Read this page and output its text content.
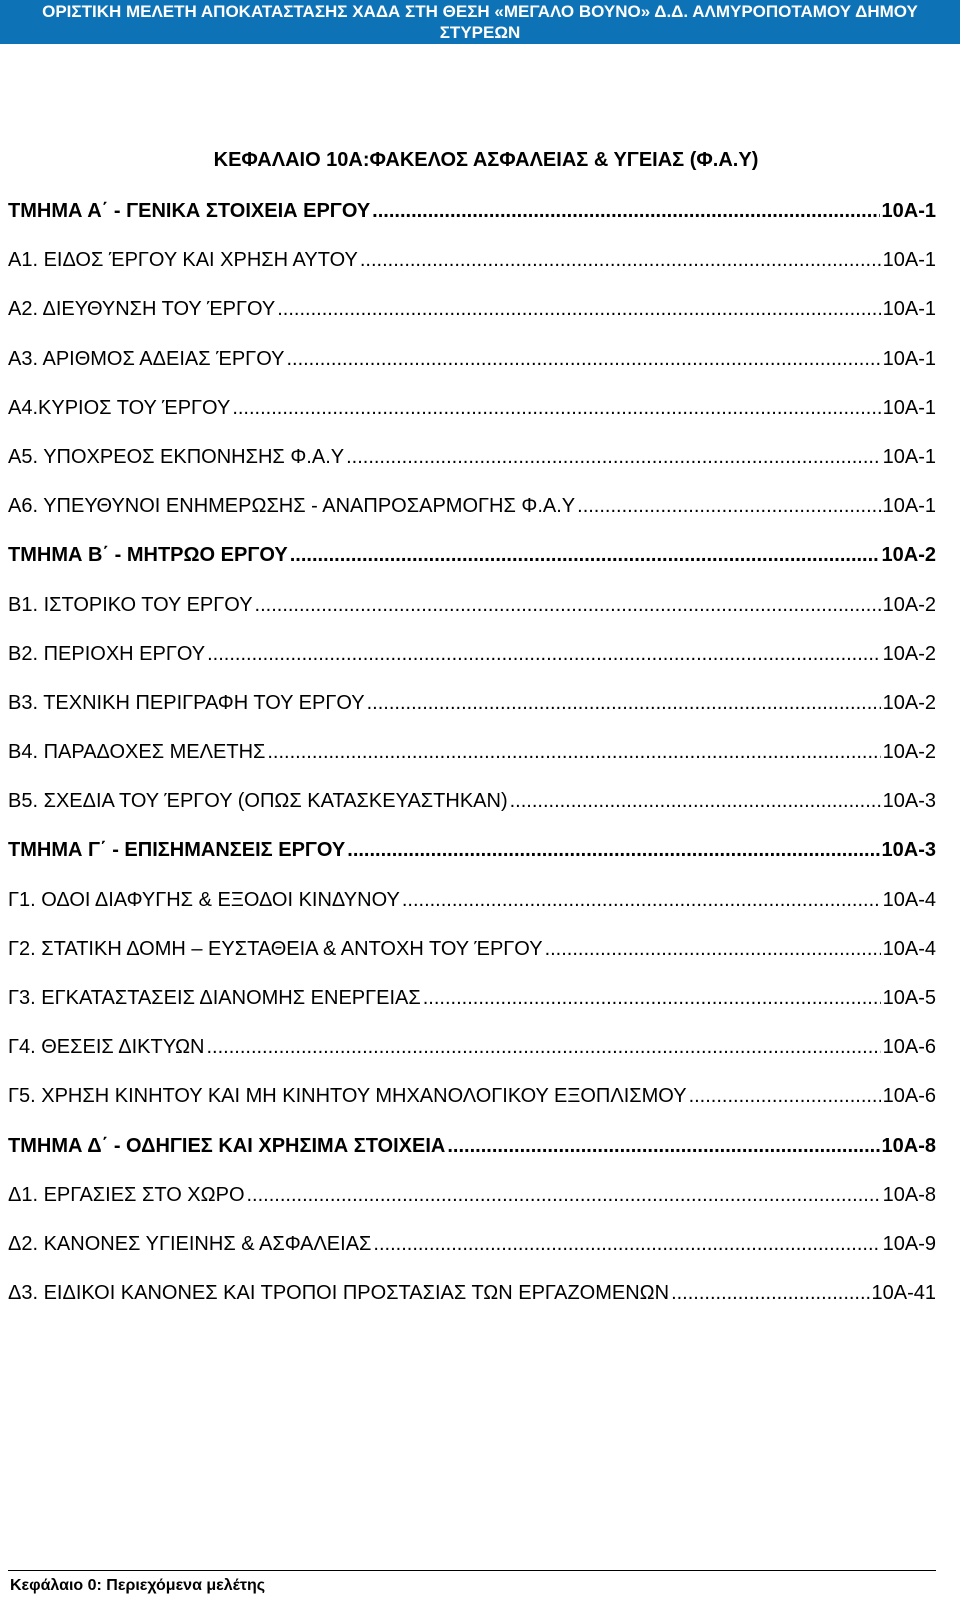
ΟΡΙΣΤΙΚΗ ΜΕΛΕΤΗ ΑΠΟΚΑΤΑΣΤΑΣΗΣ ΧΑΔΑ ΣΤΗ ΘΕΣΗ «ΜΕΓΑΛΟ ΒΟΥΝΟ» Δ.Δ. ΑΛΜΥΡΟΠΟΤΑΜΟΥ ΔΗΜΟΥ
ΣΤΥΡΕΩΝ
ΚΕΦΑΛΑΙΟ 10Α:ΦΑΚΕΛΟΣ ΑΣΦΑΛΕΙΑΣ & ΥΓΕΙΑΣ (Φ.Α.Υ)
ΤΜΗΜΑ Α΄ - ΓΕΝΙΚΑ ΣΤΟΙΧΕΙΑ ΕΡΓΟΥ .....	10Α-1
Α1. ΕΙΔΟΣ ΈΡΓΟΥ ΚΑΙ ΧΡΗΣΗ ΑΥΤΟΥ .....	10Α-1
Α2. ΔΙΕΥΘΥΝΣΗ ΤΟΥ ΈΡΓΟΥ .....	10Α-1
Α3. ΑΡΙΘΜΟΣ ΑΔΕΙΑΣ ΈΡΓΟΥ .....	10Α-1
Α4.ΚΥΡΙΟΣ ΤΟΥ ΈΡΓΟΥ .....	10Α-1
Α5. ΥΠΟΧΡΕΟΣ ΕΚΠΟΝΗΣΗΣ Φ.Α.Υ .....	10Α-1
Α6. ΥΠΕΥΘΥΝΟΙ ΕΝΗΜΕΡΩΣΗΣ - ΑΝΑΠΡΟΣΑΡΜΟΓΗΣ Φ.Α.Υ .....	10Α-1
ΤΜΗΜΑ Β΄ - ΜΗΤΡΩΟ ΕΡΓΟΥ .....	10Α-2
Β1. ΙΣΤΟΡΙΚΟ ΤΟΥ ΕΡΓΟΥ .....	10Α-2
Β2. ΠΕΡΙΟΧΗ ΕΡΓΟΥ .....	10Α-2
Β3. ΤΕΧΝΙΚΗ ΠΕΡΙΓΡΑΦΗ ΤΟΥ ΕΡΓΟΥ .....	10Α-2
Β4. ΠΑΡΑΔΟΧΕΣ ΜΕΛΕΤΗΣ .....	10Α-2
Β5. ΣΧΕΔΙΑ ΤΟΥ ΈΡΓΟΥ (ΟΠΩΣ ΚΑΤΑΣΚΕΥΑΣΤΗΚΑΝ) .....	10Α-3
ΤΜΗΜΑ Γ΄ - ΕΠΙΣΗΜΑΝΣΕΙΣ ΕΡΓΟΥ .....	10Α-3
Γ1. ΟΔΟΙ ΔΙΑΦΥΓΗΣ & ΕΞΟΔΟΙ ΚΙΝΔΥΝΟΥ .....	10Α-4
Γ2. ΣΤΑΤΙΚΗ ΔΟΜΗ – ΕΥΣΤΑΘΕΙΑ & ΑΝΤΟΧΗ ΤΟΥ ΈΡΓΟΥ .....	10Α-4
Γ3. ΕΓΚΑΤΑΣΤΑΣΕΙΣ ΔΙΑΝΟΜΗΣ ΕΝΕΡΓΕΙΑΣ .....	10Α-5
Γ4. ΘΕΣΕΙΣ ΔΙΚΤΥΩΝ .....	10Α-6
Γ5. ΧΡΗΣΗ ΚΙΝΗΤΟΥ ΚΑΙ ΜΗ ΚΙΝΗΤΟΥ ΜΗΧΑΝΟΛΟΓΙΚΟΥ ΕΞΟΠΛΙΣΜΟΥ .....	10Α-6
ΤΜΗΜΑ Δ΄ - ΟΔΗΓΙΕΣ ΚΑΙ ΧΡΗΣΙΜΑ ΣΤΟΙΧΕΙΑ .....	10Α-8
Δ1. ΕΡΓΑΣΙΕΣ ΣΤΟ ΧΩΡΟ .....	10Α-8
Δ2. ΚΑΝΟΝΕΣ ΥΓΙΕΙΝΗΣ & ΑΣΦΑΛΕΙΑΣ .....	10Α-9
Δ3. ΕΙΔΙΚΟΙ ΚΑΝΟΝΕΣ ΚΑΙ ΤΡΟΠΟΙ ΠΡΟΣΤΑΣΙΑΣ ΤΩΝ ΕΡΓΑΖΟΜΕΝΩΝ .....	10Α-41
Κεφάλαιο 0: Περιεχόμενα μελέτης
